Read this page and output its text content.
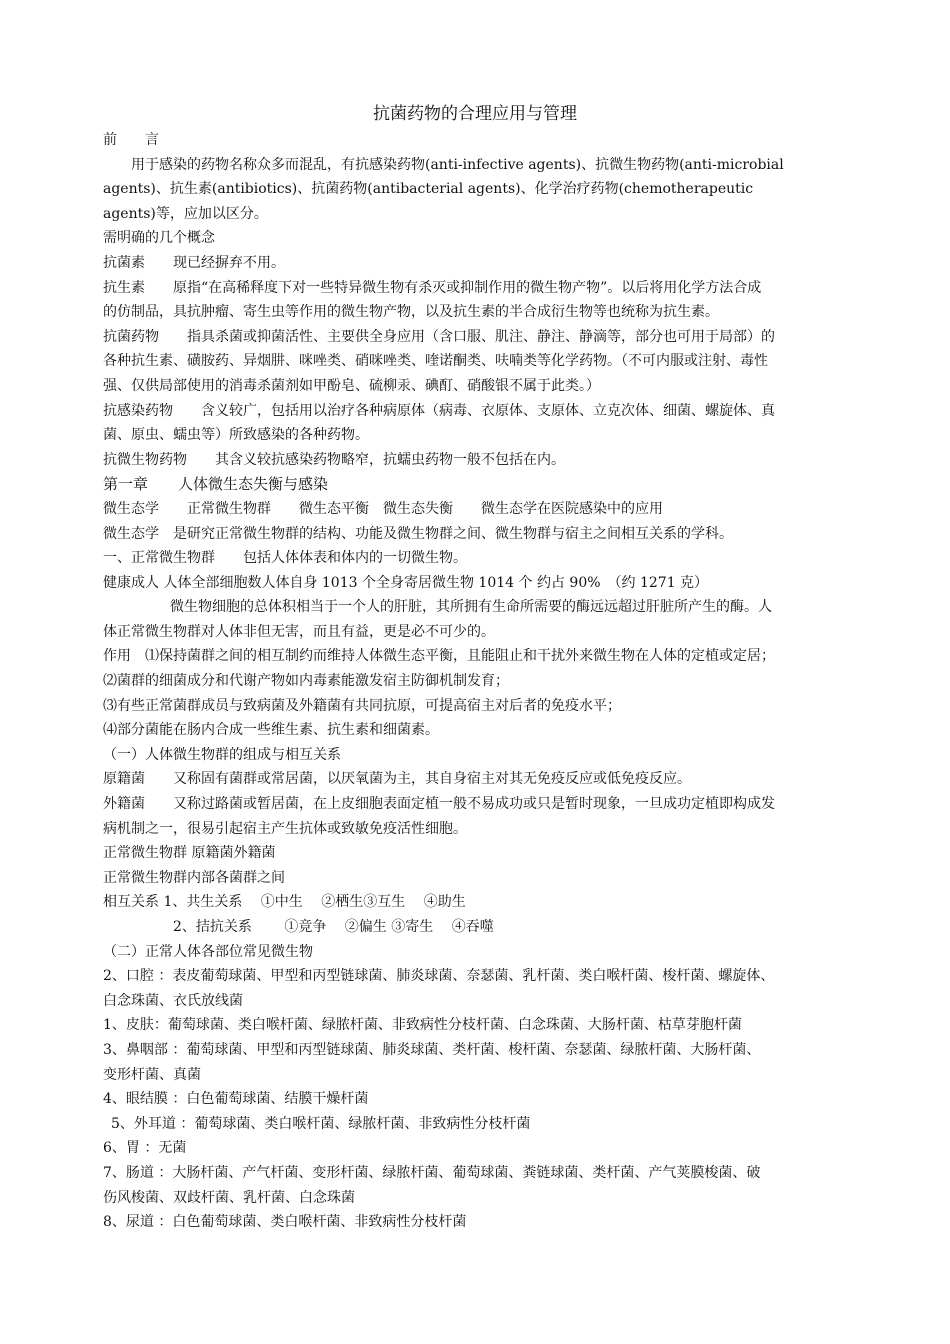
抗菌药物的合理应用与管理

前　　言

用于感染的药物名称众多而混乱，有抗感染药物(anti-infective agents)、抗微生物药物(anti-microbial

agents)、抗生素(antibiotics)、抗菌药物(antibacterial agents)、化学治疗药物(chemotherapeutic

agents)等，应加以区分。

需明确的几个概念

抗菌素　　现已经摒弃不用。

抗生素　　原指“在高稀释度下对一些特异微生物有杀灭或抑制作用的微生物产物”。以后将用化学方法合成

的仿制品，具抗肿瘤、寄生虫等作用的微生物产物，以及抗生素的半合成衍生物等也统称为抗生素。

抗菌药物　　指具杀菌或抑菌活性、主要供全身应用（含口服、肌注、静注、静滴等，部分也可用于局部）的

各种抗生素、磺胺药、异烟肼、咪唑类、硝咪唑类、喹诺酮类、呋喃类等化学药物。（不可内服或注射、毒性

强、仅供局部使用的消毒杀菌剂如甲酚皂、硫柳汞、碘酊、硝酸银不属于此类。）

抗感染药物　　含义较广，包括用以治疗各种病原体（病毒、衣原体、支原体、立克次体、细菌、螺旋体、真

菌、原虫、蠕虫等）所致感染的各种药物。

抗微生物药物　　其含义较抗感染药物略窄，抗蠕虫药物一般不包括在内。

第一章　　人体微生态失衡与感染

微生态学　　正常微生物群　　微生态平衡　微生态失衡　　微生态学在医院感染中的应用

微生态学　是研究正常微生物群的结构、功能及微生物群之间、微生物群与宿主之间相互关系的学科。

一、正常微生物群　　包括人体体表和体内的一切微生物。

健康成人 人体全部细胞数人体自身 1013 个全身寄居微生物 1014 个 约占 90%　（约 1271 克）

微生物细胞的总体积相当于一个人的肝脏，其所拥有生命所需要的酶远远超过肝脏所产生的酶。人

体正常微生物群对人体非但无害，而且有益，更是必不可少的。

作用　⑴保持菌群之间的相互制约而维持人体微生态平衡，且能阻止和干扰外来微生物在人体的定植或定居；

⑵菌群的细菌成分和代谢产物如内毒素能激发宿主防御机制发育；

⑶有些正常菌群成员与致病菌及外籍菌有共同抗原，可提高宿主对后者的免疫水平；

⑷部分菌能在肠内合成一些维生素、抗生素和细菌素。

（一）人体微生物群的组成与相互关系

原籍菌　　又称固有菌群或常居菌，以厌氧菌为主，其自身宿主对其无免疫反应或低免疫反应。

外籍菌　　又称过路菌或暂居菌，在上皮细胞表面定植一般不易成功或只是暂时现象，一旦成功定植即构成发

病机制之一，很易引起宿主产生抗体或致敏免疫活性细胞。

正常微生物群 原籍菌外籍菌

正常微生物群内部各菌群之间

相互关系 1、共生关系　 ①中生　 ②栖生③互生　 ④助生

2、拮抗关系　　 ①竞争　 ②偏生 ③寄生　 ④吞噬

（二）正常人体各部位常见微生物

2、口腔 ：表皮葡萄球菌、甲型和丙型链球菌、肺炎球菌、奈瑟菌、乳杆菌、类白喉杆菌、梭杆菌、螺旋体、

白念珠菌、衣氏放线菌

1、皮肤：葡萄球菌、类白喉杆菌、绿脓杆菌、非致病性分枝杆菌、白念珠菌、大肠杆菌、枯草芽胞杆菌

3、鼻咽部 ：葡萄球菌、甲型和丙型链球菌、肺炎球菌、类杆菌、梭杆菌、奈瑟菌、绿脓杆菌、大肠杆菌、

变形杆菌、真菌

4、眼结膜 ：白色葡萄球菌、结膜干燥杆菌

5、外耳道 ：葡萄球菌、类白喉杆菌、绿脓杆菌、非致病性分枝杆菌

6、胃 ：无菌

7、肠道 ：大肠杆菌、产气杆菌、变形杆菌、绿脓杆菌、葡萄球菌、粪链球菌、类杆菌、产气荚膜梭菌、破

伤风梭菌、双歧杆菌、乳杆菌、白念珠菌

8、尿道 ：白色葡萄球菌、类白喉杆菌、非致病性分枝杆菌
